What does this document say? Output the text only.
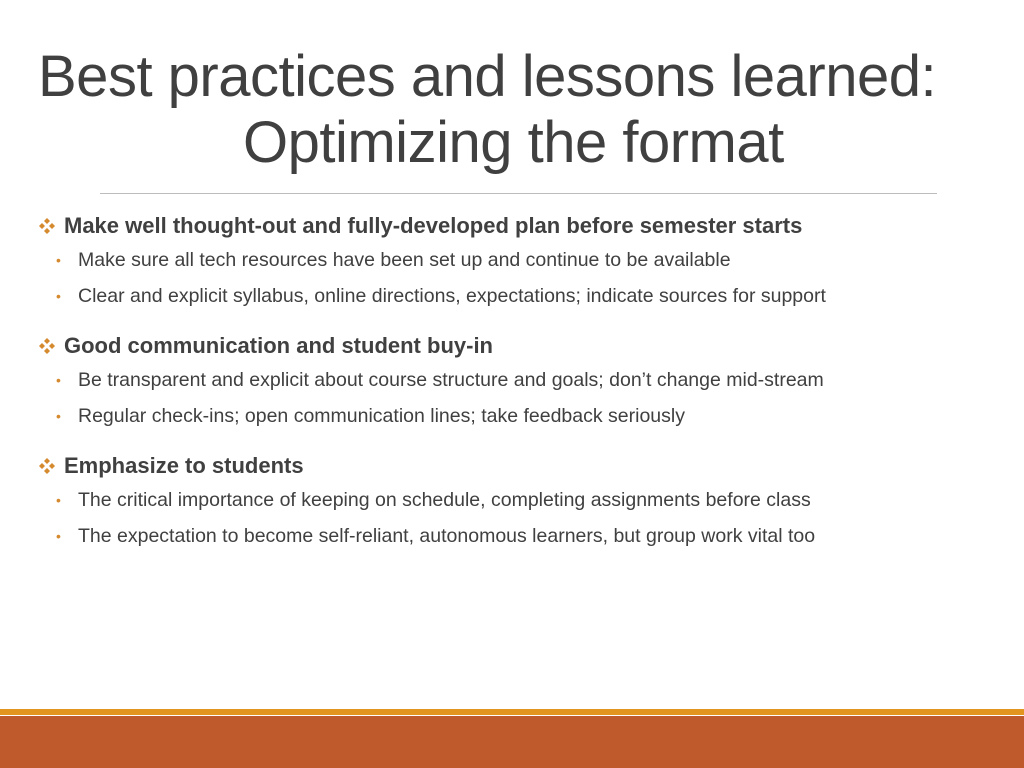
Best practices and lessons learned:
Optimizing the format
Make well thought-out and fully-developed plan before semester starts
• Make sure all tech resources have been set up and continue to be available
• Clear and explicit syllabus, online directions, expectations; indicate sources for support
Good communication and student buy-in
• Be transparent and explicit about course structure and goals; don’t change mid-stream
• Regular check-ins; open communication lines; take feedback seriously
Emphasize to students
• The critical importance of keeping on schedule, completing assignments before class
• The expectation to become self-reliant, autonomous learners, but group work vital too
